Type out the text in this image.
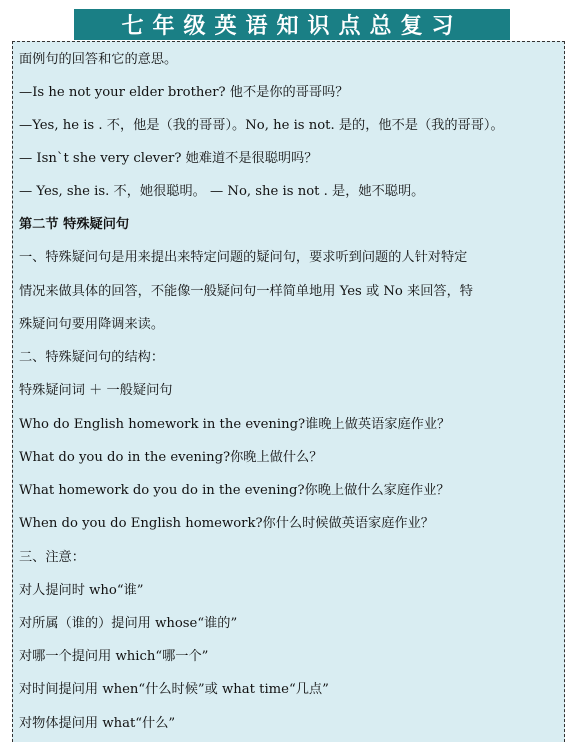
七年级英语知识点总复习
面例句的回答和它的意思。
—Is he not your elder brother? 他不是你的哥哥吗？
—Yes, he is . 不，他是（我的哥哥）。No, he is not. 是的，他不是（我的哥哥）。
— Isn`t she very clever? 她难道不是很聪明吗？
— Yes, she is. 不，她很聪明。 — No, she is not . 是，她不聪明。
第二节 特殊疑问句
一、特殊疑问句是用来提出来特定问题的疑问句，要求听到问题的人针对特定
情况来做具体的回答，不能像一般疑问句一样简单地用 Yes 或 No 来回答，特
殊疑问句要用降调来读。
二、特殊疑问句的结构：
特殊疑问词 ＋ 一般疑问句
Who do English homework in the evening?谁晚上做英语家庭作业？
What do you do in the evening?你晚上做什么？
What homework do you do in the evening?你晚上做什么家庭作业？
When do you do English homework?你什么时候做英语家庭作业？
三、注意：
对人提问时 who“谁”
对所属（谁的）提问用 whose“谁的”
对哪一个提问用 which“哪一个”
对时间提问用 when“什么时候”或 what time“几点”
对物体提问用 what“什么”
